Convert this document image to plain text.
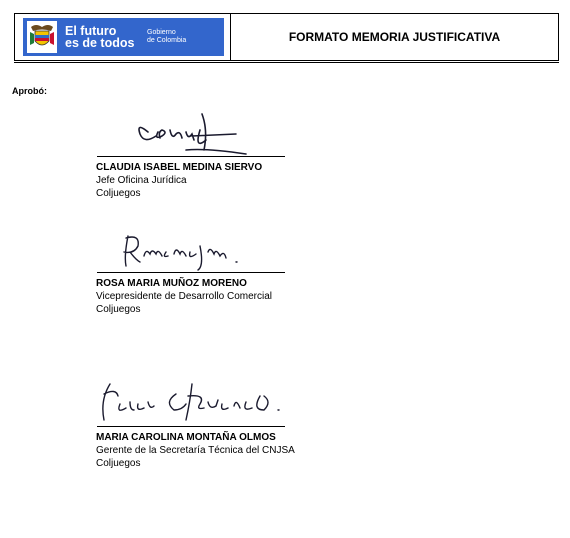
El futuro
es de todos
Gobierno
de Colombia	FORMATO MEMORIA JUSTIFICATIVA
Aprobó:
CLAUDIA ISABEL MEDINA SIERVO
Jefe Oficina Jurídica
Coljuegos
ROSA MARIA MUÑOZ MORENO
Vicepresidente de Desarrollo Comercial
Coljuegos
MARIA CAROLINA MONTAÑA OLMOS
Gerente de la Secretaría Técnica del CNJSA
Coljuegos
